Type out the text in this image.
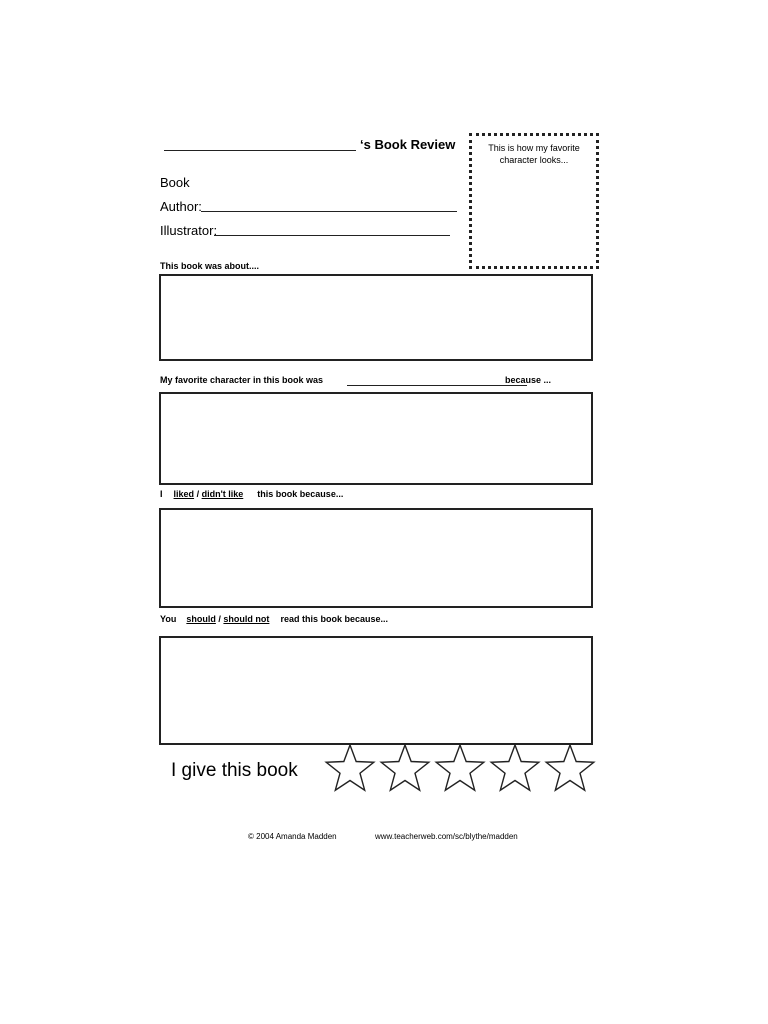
‘s Book Review
Book
Author:
Illustrator:
This is how my favorite
character looks...
This book was about....
My favorite character in this book was	because ...
I liked / didn't like this book because...
You should / should not read this book because...
I give this book
© 2004 Amanda Madden	www.teacherweb.com/sc/blythe/madden
